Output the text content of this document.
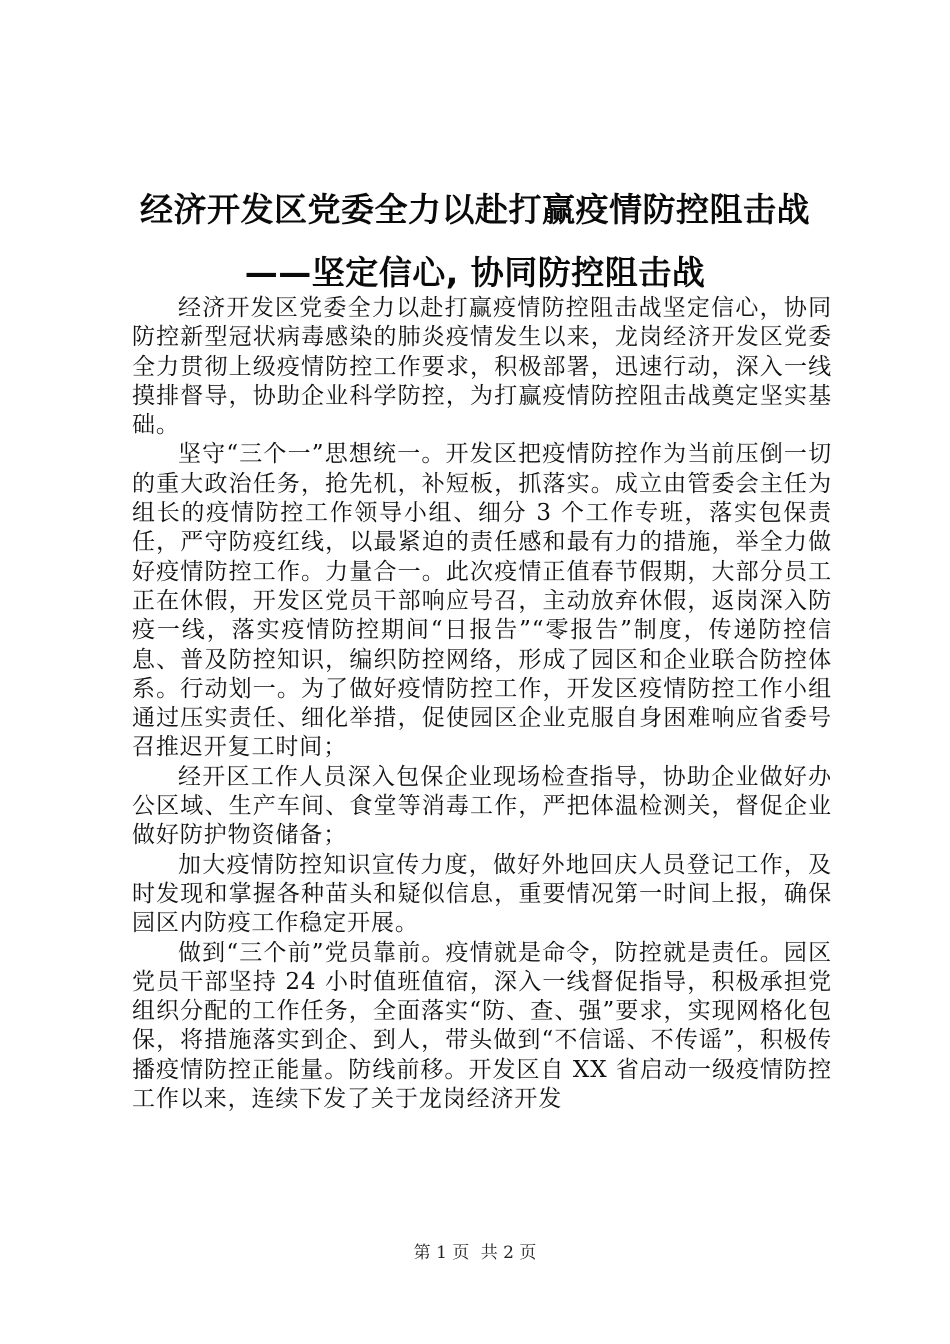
经济开发区党委全力以赴打赢疫情防控阻击战
——坚定信心, 协同防控阻击战

经济开发区党委全力以赴打赢疫情防控阻击战坚定信心，协同防控新型冠状病毒感染的肺炎疫情发生以来，龙岗经济开发区党委全力贯彻上级疫情防控工作要求，积极部署，迅速行动，深入一线摸排督导，协助企业科学防控，为打赢疫情防控阻击战奠定坚实基础。

坚守“三个一”思想统一。开发区把疫情防控作为当前压倒一切的重大政治任务，抢先机，补短板，抓落实。成立由管委会主任为组长的疫情防控工作领导小组、细分 3 个工作专班，落实包保责任，严守防疫红线，以最紧迫的责任感和最有力的措施，举全力做好疫情防控工作。力量合一。此次疫情正值春节假期，大部分员工正在休假，开发区党员干部响应号召，主动放弃休假，返岗深入防疫一线，落实疫情防控期间“日报告”“零报告”制度，传递防控信息、普及防控知识，编织防控网络，形成了园区和企业联合防控体系。行动划一。为了做好疫情防控工作，开发区疫情防控工作小组通过压实责任、细化举措，促使园区企业克服自身困难响应省委号召推迟开复工时间；

经开区工作人员深入包保企业现场检查指导，协助企业做好办公区域、生产车间、食堂等消毒工作，严把体温检测关，督促企业做好防护物资储备；

加大疫情防控知识宣传力度，做好外地回庆人员登记工作，及时发现和掌握各种苗头和疑似信息，重要情况第一时间上报，确保园区内防疫工作稳定开展。

做到“三个前”党员靠前。疫情就是命令，防控就是责任。园区党员干部坚持 24 小时值班值宿，深入一线督促指导，积极承担党组织分配的工作任务，全面落实“防、查、强”要求，实现网格化包保，将措施落实到企、到人，带头做到“不信谣、不传谣”，积极传播疫情防控正能量。防线前移。开发区自 XX 省启动一级疫情防控工作以来，连续下发了关于龙岗经济开发

第 1 页 共 2 页
